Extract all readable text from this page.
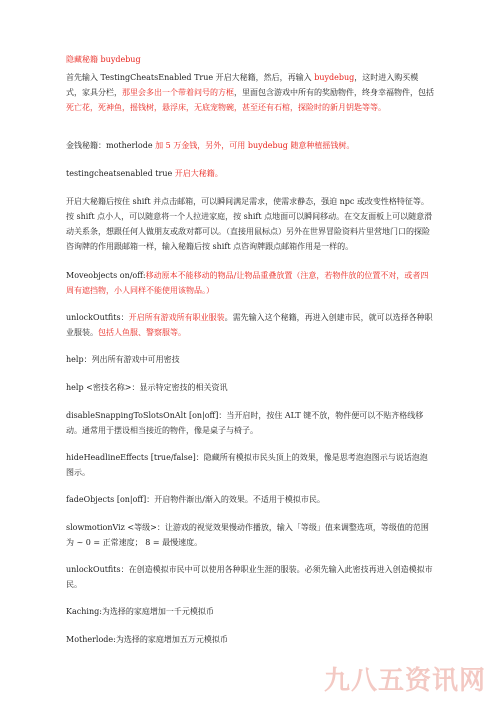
隐藏秘籍 buydebug

首先输入 TestingCheatsEnabled True 开启大秘籍，然后，再输入 buydebug，这时进入购买模式，家具分栏，那里会多出一个带着问号的方框，里面包含游戏中所有的奖励物件，终身幸福物件，包括死亡花，死神鱼，摇钱树，悬浮床，无底宠物碗，甚至还有石棺，探险时的新月钥匙等等。

金钱秘籍：motherlode 加 5 万金钱，另外，可用 buydebug 随意种植摇钱树。

testingcheatsenabled true 开启大秘籍。

开启大秘籍后按住 shift 并点击邮箱，可以瞬间满足需求，使需求静态，强迫 npc 或改变性格特征等。按 shift 点小人，可以随意将一个人拉进家庭，按 shift 点地面可以瞬间移动。在交友面板上可以随意滑动关系条，想跟任何人做朋友或敌对都可以。（直接用鼠标点）另外在世界冒险资料片里营地门口的探险咨询牌的作用跟邮箱一样，输入秘籍后按 shift 点咨询牌跟点邮箱作用是一样的。

Moveobjects on/off:移动原本不能移动的物品/让物品重叠放置（注意，若物件放的位置不对，或者四周有遮挡物，小人同样不能使用该物品。）

unlockOutfits：开启所有游戏所有职业服装。需先输入这个秘籍，再进入创建市民，就可以选择各种职业服装。包括人鱼服、警察服等。

help：列出所有游戏中可用密技

help <密技名称>：显示特定密技的相关资讯

disableSnappingToSlotsOnAlt [on|off]：当开启时，按住 ALT 键不放，物件便可以不贴齐格线移动。通常用于摆设相当接近的物件，像是桌子与椅子。

hideHeadlineEffects [true/false]：隐藏所有模拟市民头顶上的效果，像是思考泡泡图示与说话泡泡图示。

fadeObjects [on|off]：开启物件渐出/渐入的效果。不适用于模拟市民。

slowmotionViz <等级>：让游戏的视觉效果慢动作播放，输入「等级」值来调整选项，等级值的范围为 ~ 0 = 正常速度； 8 = 最慢速度。

unlockOutfits：在创造模拟市民中可以使用各种职业生涯的服装。必须先输入此密技再进入创造模拟市民。

Kaching:为选择的家庭增加一千元模拟币

Motherlode:为选择的家庭增加五万元模拟币

九八五资讯网
